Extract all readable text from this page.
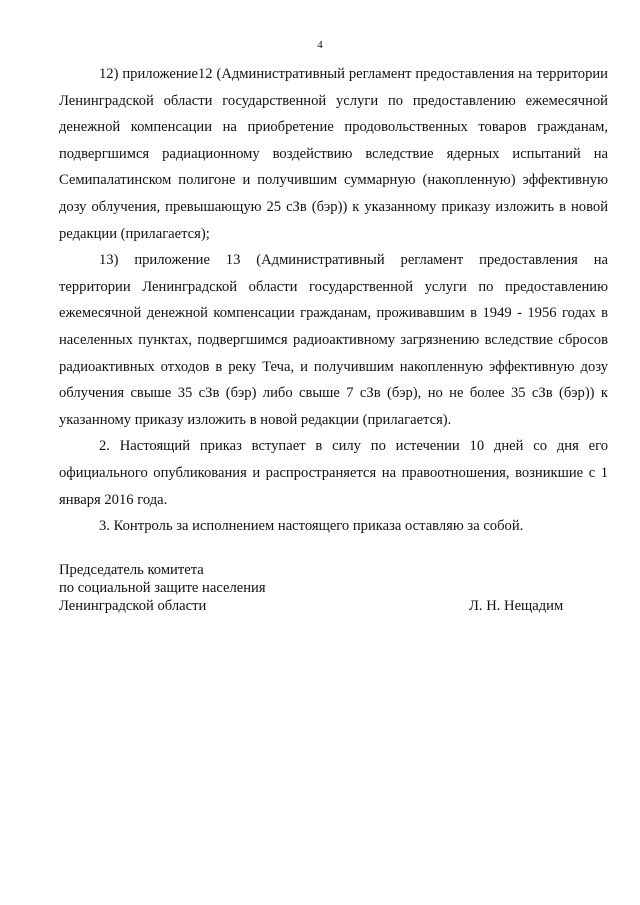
4

12) приложение12 (Административный регламент предоставления на территории Ленинградской области государственной услуги по предоставлению ежемесячной денежной компенсации на приобретение продовольственных товаров гражданам, подвергшимся радиационному воздействию вследствие ядерных испытаний на Семипалатинском полигоне и получившим суммарную (накопленную) эффективную дозу облучения, превышающую 25 сЗв (бэр)) к указанному приказу изложить в новой редакции (прилагается);

13) приложение 13 (Административный регламент предоставления на территории Ленинградской области государственной услуги по предоставлению ежемесячной денежной компенсации гражданам, проживавшим в 1949 - 1956 годах в населенных пунктах, подвергшимся радиоактивному загрязнению вследствие сбросов радиоактивных отходов в реку Теча, и получившим накопленную эффективную дозу облучения свыше 35 сЗв (бэр) либо свыше 7 сЗв (бэр), но не более 35 сЗв (бэр)) к указанному приказу изложить в новой редакции (прилагается).

2. Настоящий приказ вступает в силу по истечении 10 дней со дня его официального опубликования и распространяется на правоотношения, возникшие с 1 января 2016 года.

3. Контроль за исполнением настоящего приказа оставляю за собой.

Председатель комитета
по социальной защите населения
Ленинградской области	Л. Н. Нещадим
